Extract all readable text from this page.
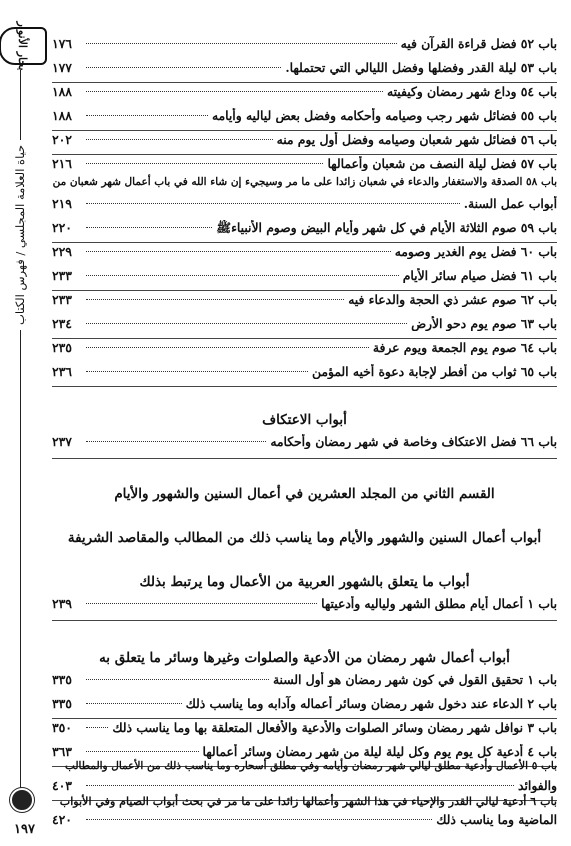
بحار الأنوار
حياة العلامة المجلسي / فهرس الكتاب
١٩٧
باب ٥٢ فضل قراءة القرآن فيه
١٧٦
باب ٥٣ ليلة القدر وفضلها وفضل الليالي التي تحتملها.
١٧٧
باب ٥٤ وداع شهر رمضان وكيفيته
١٨٨
باب ٥٥ فضائل شهر رجب وصيامه وأحكامه وفضل بعض لياليه وأيامه
١٨٨
باب ٥٦ فضائل شهر شعبان وصيامه وفضل أول يوم منه
٢٠٢
باب ٥٧ فضل ليلة النصف من شعبان وأعمالها
٢١٦
باب ٥٨ الصدقة والاستغفار والدعاء في شعبان زائدا على ما مر وسيجيء إن شاء الله في باب أعمال شهر شعبان من
أبواب عمل السنة.
٢١٩
باب ٥٩ صوم الثلاثة الأيام في كل شهر وأيام البيض وصوم الأنبياءﷺ
٢٢٠
باب ٦٠ فضل يوم الغدير وصومه
٢٢٩
باب ٦١ فضل صيام سائر الأيام
٢٣٣
باب ٦٢ صوم عشر ذي الحجة والدعاء فيه
٢٣٣
باب ٦٣ صوم يوم دحو الأرض
٢٣٤
باب ٦٤ صوم يوم الجمعة ويوم عرفة
٢٣٥
باب ٦٥ ثواب من أفطر لإجابة دعوة أخيه المؤمن
٢٣٦
أبواب الاعتكاف
باب ٦٦ فضل الاعتكاف وخاصة في شهر رمضان وأحكامه
٢٣٧
القسم الثاني من المجلد العشرين في أعمال السنين والشهور والأيام
أبواب أعمال السنين والشهور والأيام وما يناسب ذلك من المطالب والمقاصد الشريفة
أبواب ما يتعلق بالشهور العربية من الأعمال وما يرتبط بذلك
باب ١ أعمال أيام مطلق الشهر ولياليه وأدعيتها
٢٣٩
أبواب أعمال شهر رمضان من الأدعية والصلوات وغيرها وسائر ما يتعلق به
باب ١ تحقيق القول في كون شهر رمضان هو أول السنة
٣٣٥
باب ٢ الدعاء عند دخول شهر رمضان وسائر أعماله وآدابه وما يناسب ذلك
٣٣٥
باب ٣ نوافل شهر رمضان وسائر الصلوات والأدعية والأفعال المتعلقة بها وما يناسب ذلك
٣٥٠
باب ٤ أدعية كل يوم يوم وكل ليلة ليلة من شهر رمضان وسائر أعمالها
٣٦٣
باب ٥ الأعمال وأدعية مطلق ليالي شهر رمضان وأيامه وفي مطلق أسحاره وما يناسب ذلك من الأعمال والمطالب
والفوائد
٤٠٣
باب ٦ أدعية ليالي القدر والإحياء في هذا الشهر وأعمالها زائدا على ما مر في بحث أبواب الصيام وفي الأبواب
الماضية وما يناسب ذلك
٤٢٠
